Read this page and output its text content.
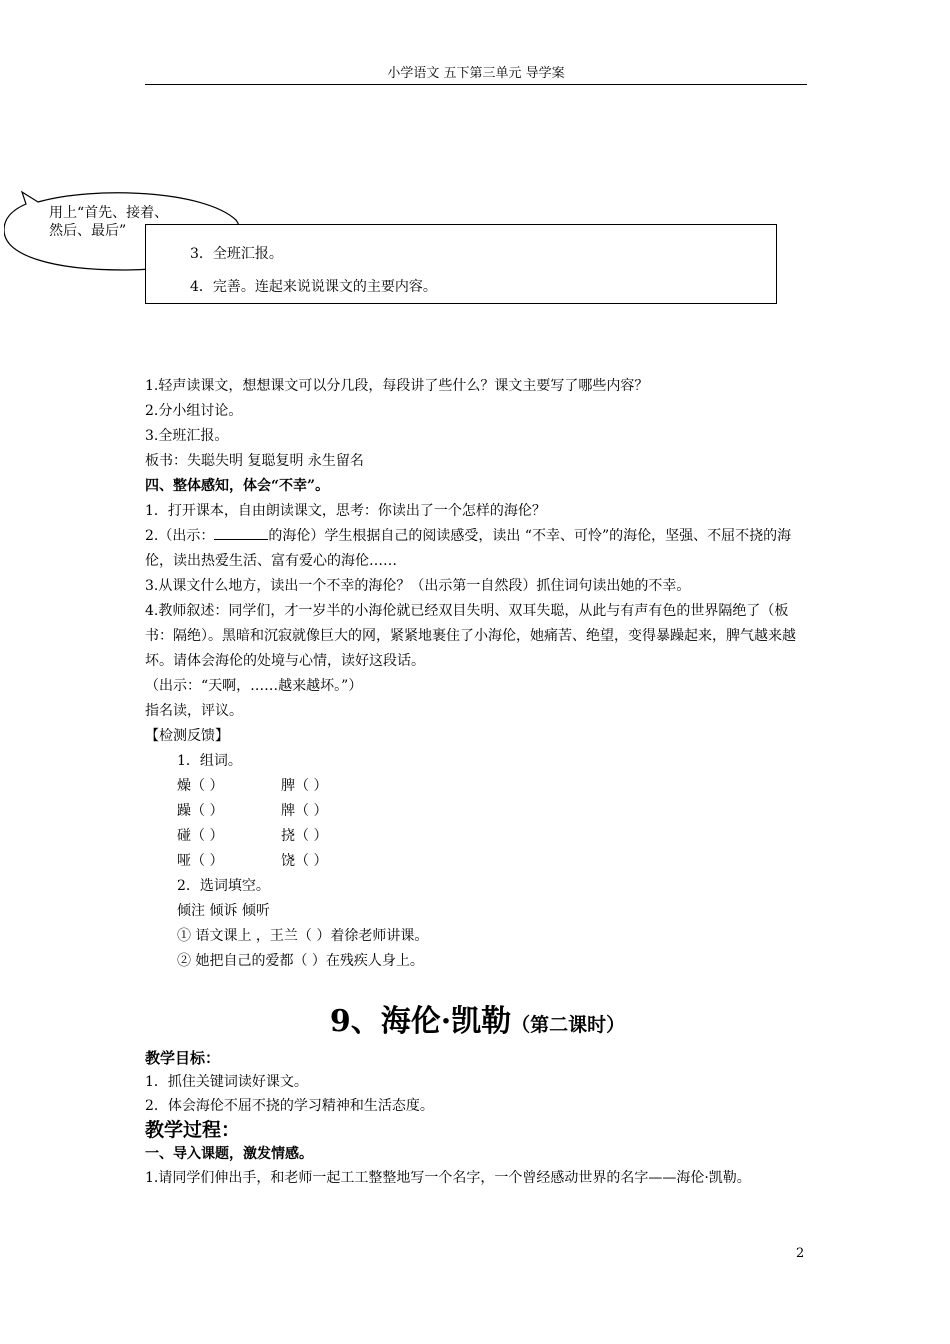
小学语文 五下第三单元 导学案
用上“首先、接着、
然后、最后”
3．全班汇报。
4．完善。连起来说说课文的主要内容。

1.轻声读课文，想想课文可以分几段，每段讲了些什么？课文主要写了哪些内容？

2.分小组讨论。

3.全班汇报。

板书：失聪失明 复聪复明 永生留名

四、整体感知，体会“不幸”。

1．打开课本，自由朗读课文，思考：你读出了一个怎样的海伦？

2.（出示：	的海伦）学生根据自己的阅读感受，读出 “不幸、可怜”的海伦，坚强、不屈不挠的海伦，读出热爱生活、富有爱心的海伦……

3.从课文什么地方，读出一个不幸的海伦？（出示第一自然段）抓住词句读出她的不幸。

4.教师叙述：同学们，才一岁半的小海伦就已经双目失明、双耳失聪，从此与有声有色的世界隔绝了（板书：隔绝）。黑暗和沉寂就像巨大的网，紧紧地裹住了小海伦，她痛苦、绝望，变得暴躁起来，脾气越来越坏。请体会海伦的处境与心情，读好这段话。

（出示：“天啊，……越来越坏。”）

指名读，评议。

【检测反馈】

1．组词。

燥（ ）	脾（ ）
躁（ ）	牌（ ）
碰（ ）	挠（ ）
哑（ ）	饶（ ）

2．选词填空。

倾注 倾诉 倾听

① 语文课上 ，王兰（ ）着徐老师讲课。

② 她把自己的爱都（ ）在残疾人身上。

9、海伦·凯勒（第二课时）

教学目标：

1．抓住关键词读好课文。

2．体会海伦不屈不挠的学习精神和生活态度。

教学过程：

一、导入课题，激发情感。

1.请同学们伸出手，和老师一起工工整整地写一个名字，一个曾经感动世界的名字——海伦·凯勒。

2
